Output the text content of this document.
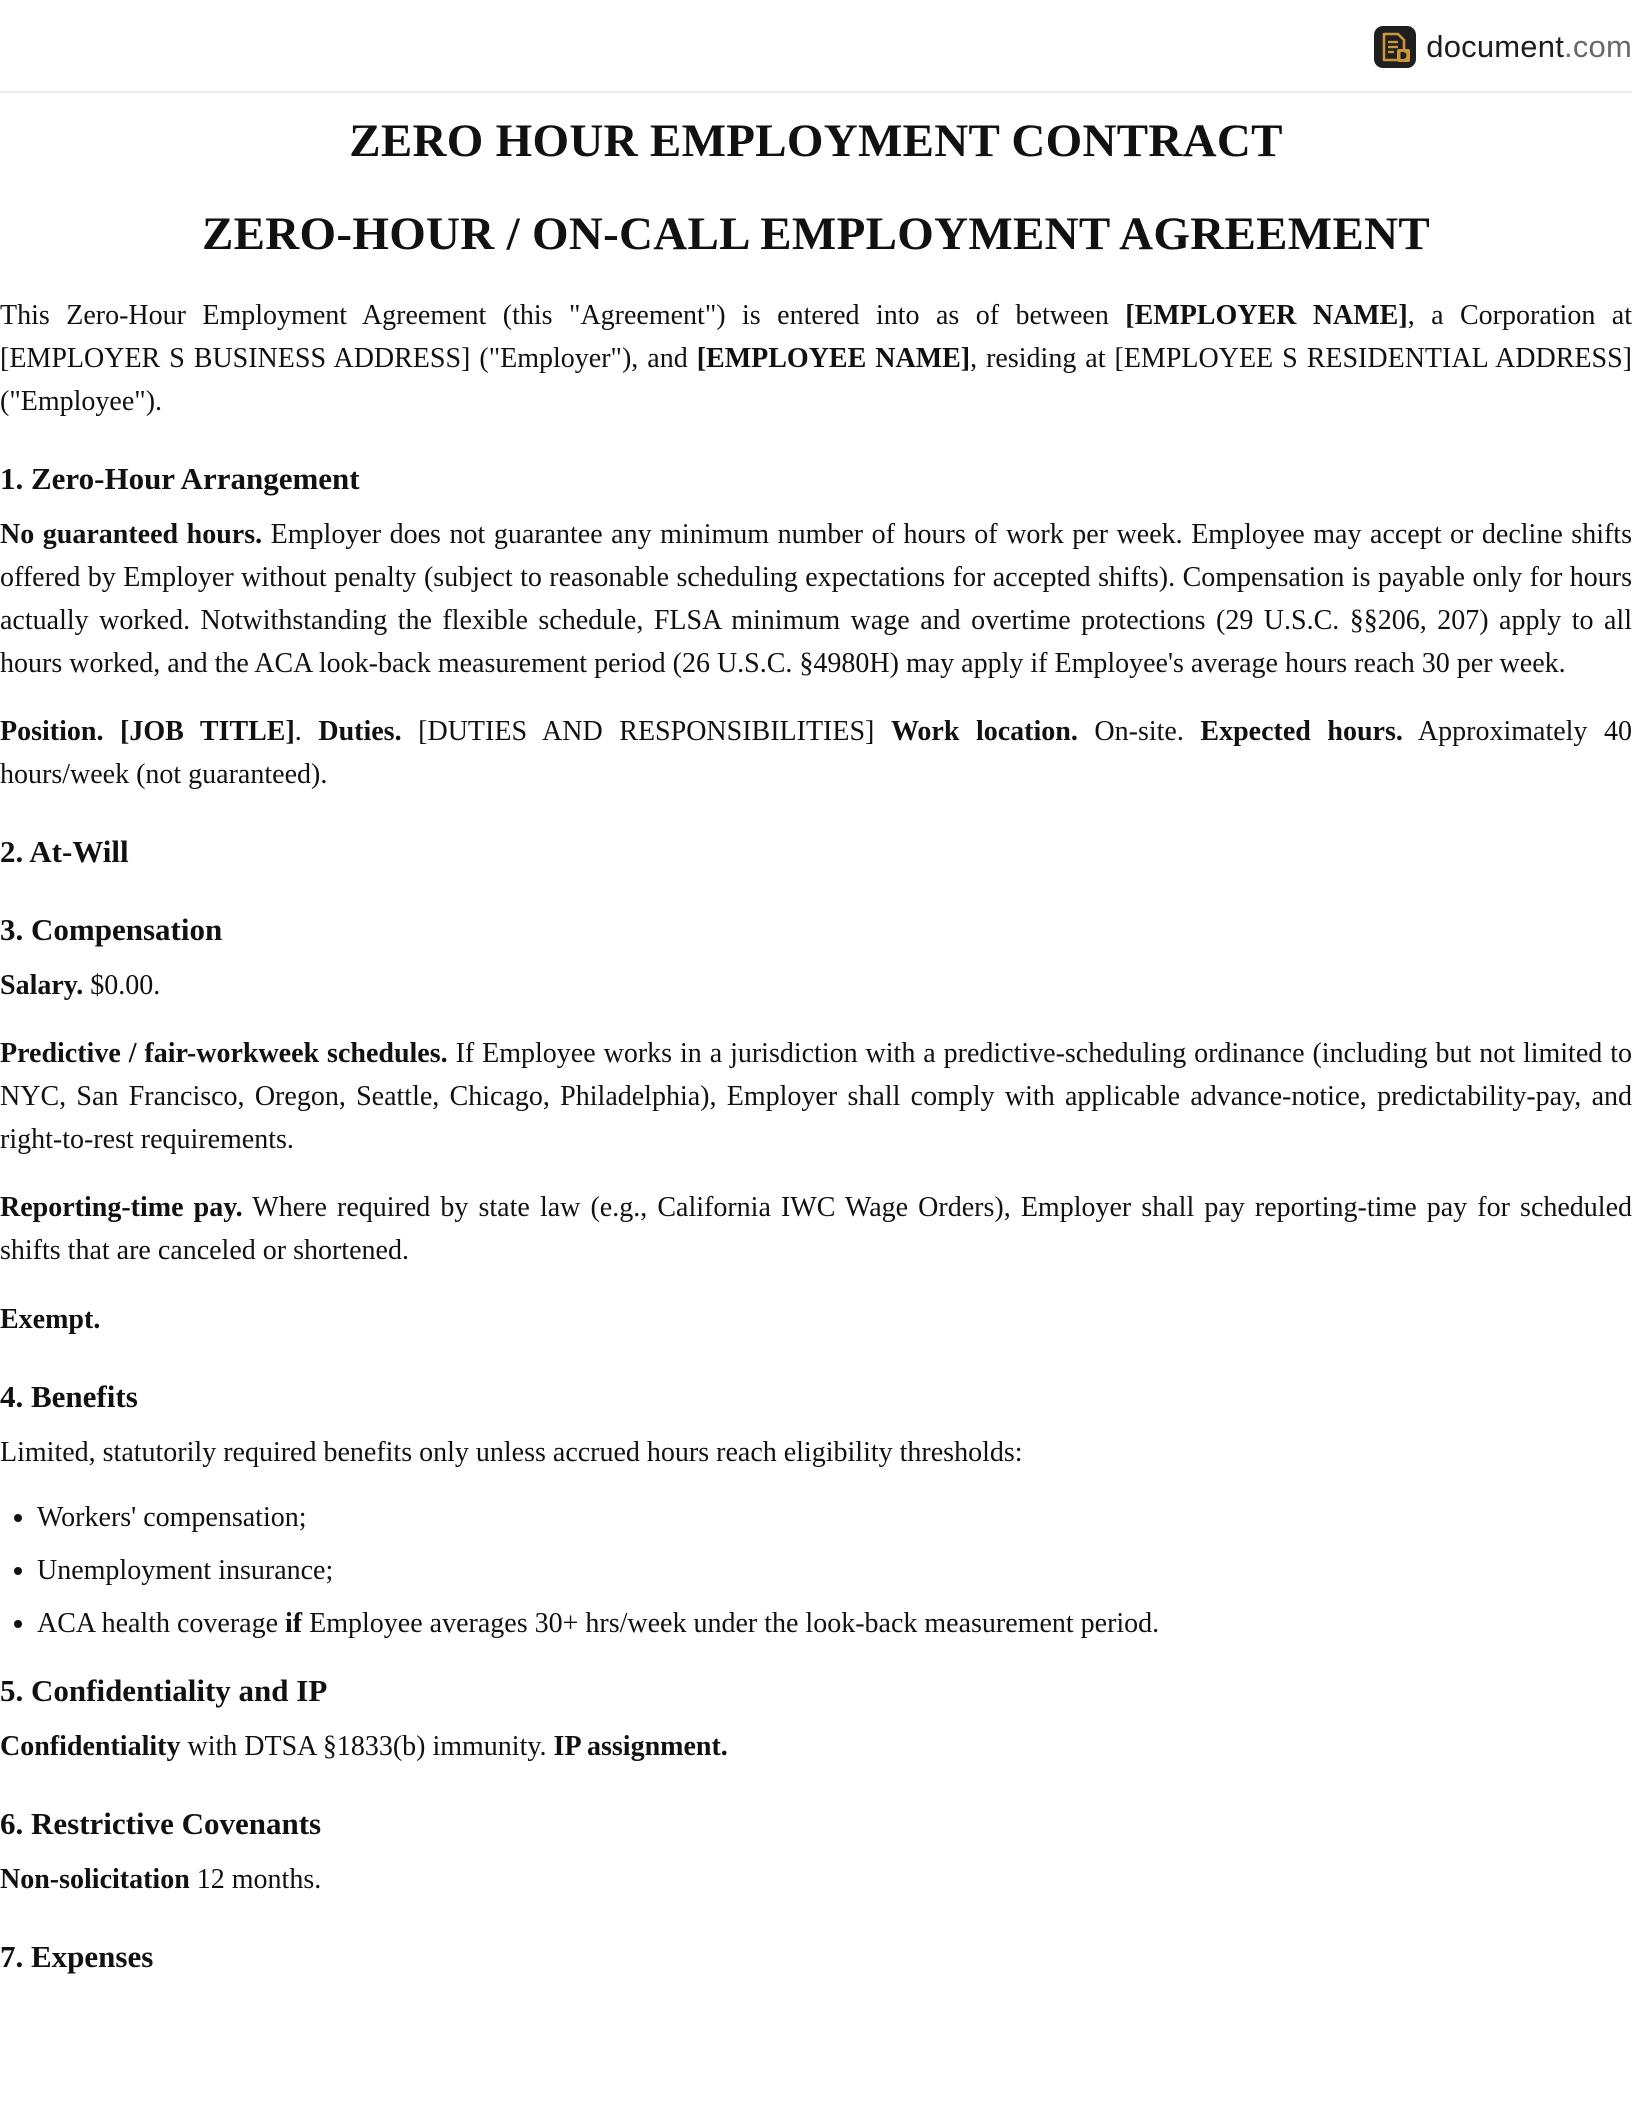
document.com
ZERO HOUR EMPLOYMENT CONTRACT
ZERO-HOUR / ON-CALL EMPLOYMENT AGREEMENT

This Zero-Hour Employment Agreement (this "Agreement") is entered into as of between [EMPLOYER NAME], a Corporation at [EMPLOYER S BUSINESS ADDRESS] ("Employer"), and [EMPLOYEE NAME], residing at [EMPLOYEE S RESIDENTIAL ADDRESS] ("Employee").

1. Zero-Hour Arrangement

No guaranteed hours. Employer does not guarantee any minimum number of hours of work per week. Employee may accept or decline shifts offered by Employer without penalty (subject to reasonable scheduling expectations for accepted shifts). Compensation is payable only for hours actually worked. Notwithstanding the flexible schedule, FLSA minimum wage and overtime protections (29 U.S.C. §§206, 207) apply to all hours worked, and the ACA look-back measurement period (26 U.S.C. §4980H) may apply if Employee's average hours reach 30 per week.

Position. [JOB TITLE]. Duties. [DUTIES AND RESPONSIBILITIES] Work location. On-site. Expected hours. Approximately 40 hours/week (not guaranteed).

2. At-Will
3. Compensation

Salary. $0.00.

Predictive / fair-workweek schedules. If Employee works in a jurisdiction with a predictive-scheduling ordinance (including but not limited to NYC, San Francisco, Oregon, Seattle, Chicago, Philadelphia), Employer shall comply with applicable advance-notice, predictability-pay, and right-to-rest requirements.

Reporting-time pay. Where required by state law (e.g., California IWC Wage Orders), Employer shall pay reporting-time pay for scheduled shifts that are canceled or shortened.

Exempt.

4. Benefits

Limited, statutorily required benefits only unless accrued hours reach eligibility thresholds:

• Workers' compensation;
• Unemployment insurance;
• ACA health coverage if Employee averages 30+ hrs/week under the look-back measurement period.
5. Confidentiality and IP

Confidentiality with DTSA §1833(b) immunity. IP assignment.

6. Restrictive Covenants

Non-solicitation 12 months.

7. Expenses
